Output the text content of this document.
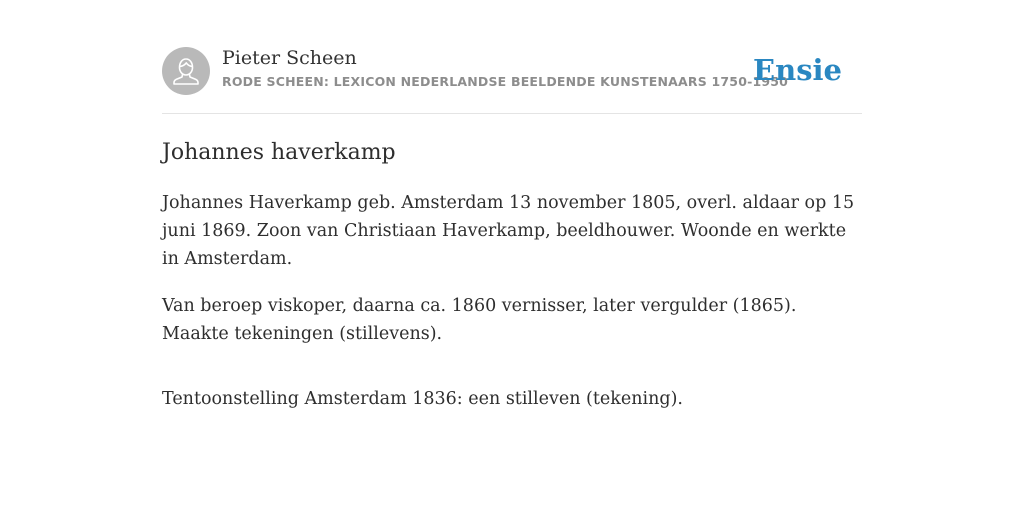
Pieter Scheen
RODE SCHEEN: LEXICON NEDERLANDSE BEELDENDE KUNSTENAARS 1750-1950
Ensie
Johannes haverkamp

Johannes Haverkamp geb. Amsterdam 13 november 1805, overl. aldaar op 15 juni 1869. Zoon van Christiaan Haverkamp, beeldhouwer. Woonde en werkte in Amsterdam.

Van beroep viskoper, daarna ca. 1860 vernisser, later vergulder (1865). Maakte tekeningen (stillevens).

Tentoonstelling Amsterdam 1836: een stilleven (tekening).
